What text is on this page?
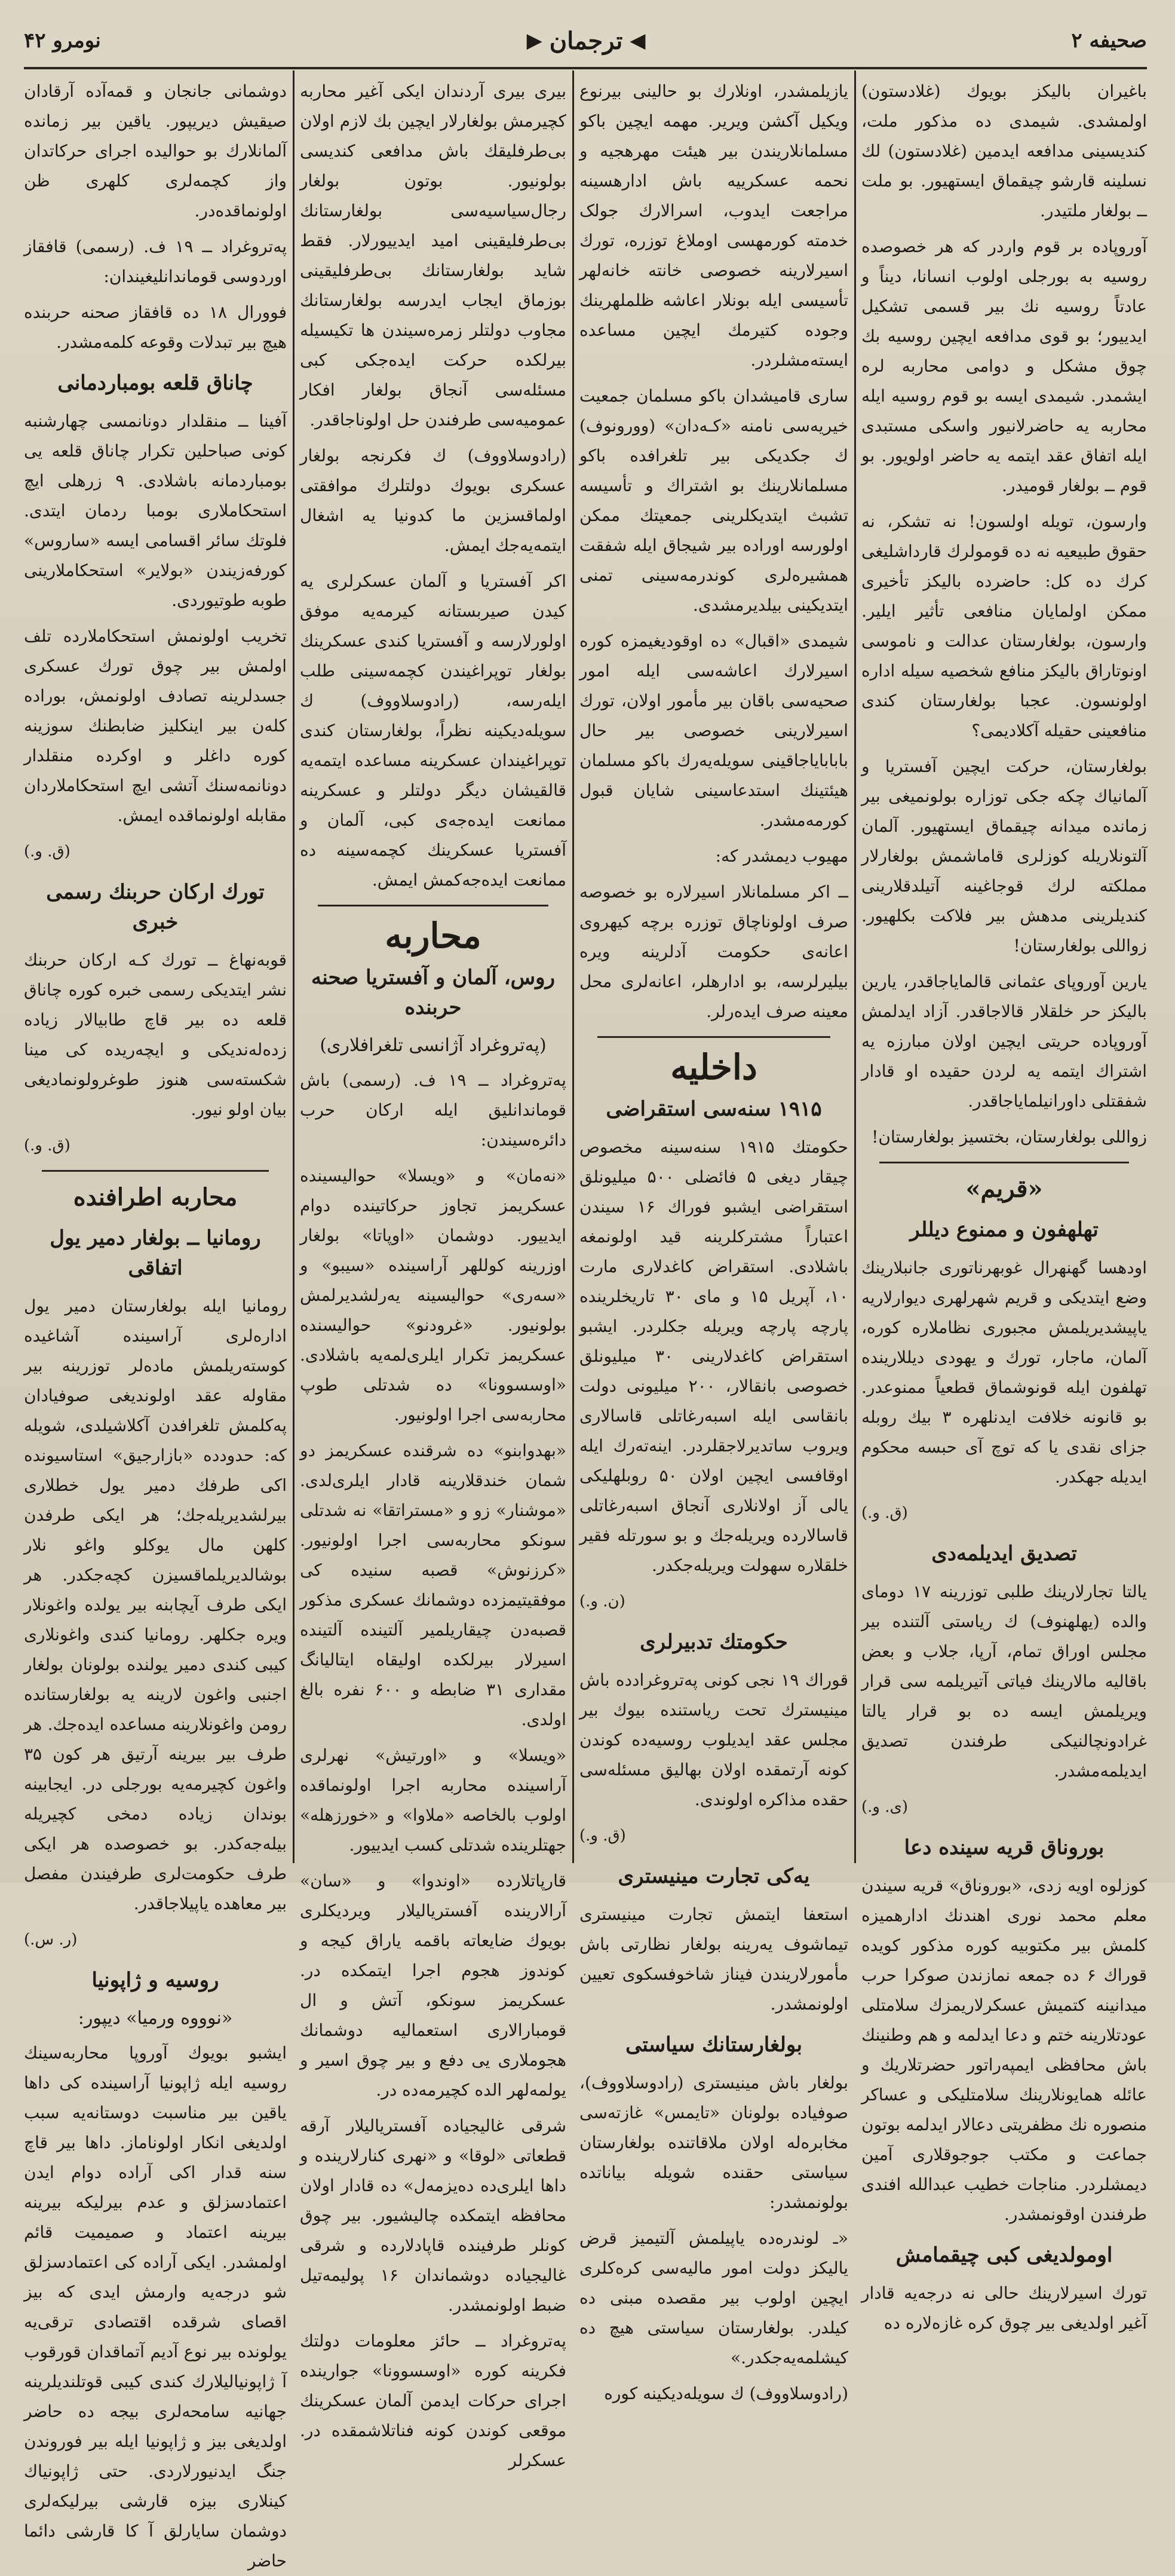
صحیفه ۲
◀
ترجمان
▶
نومرو ۴۲

باغیران بالیکز بویوك (غلادستون) اولمشدی. شیمدی ده مذکور ملت، کندیسینی مدافعه ایدمین (غلادستون) لك نسلینه قارشو چیقماق ایستهیور. بو ملت ــ بولغار ملتیدر.

آوروپاده بر قوم واردر که هر خصوصده روسیه به بورجلی اولوب انسانا، دیناً و عادتاً روسیه نك بیر قسمی تشکیل ایدییور؛ بو قوی مدافعه ایچین روسیه بك چوق مشکل و دوامی محاربه لره ایشمدر. شیمدی ایسه بو قوم روسیه ایله محاربه یه حاضرلانیور واسکی مستبدی ایله اتفاق عقد ایتمه یه حاضر اولویور. بو قوم ــ بولغار قومیدر.

وارسون، تویله اولسون! نه تشکر، نه حقوق طبیعیه نه ده قومولرك قارداشلیغی كرك ده كل: حاضرده بالیکز تأخیری ممکن اولمایان منافعی تأثیر ایلیر. وارسون، بولغارستان عدالت و ناموسی اونوتاراق بالیکز منافع شخصیه سیله اداره اولونسون. عجبا بولغارستان کندی منافعینی حقیله آكلادیمی؟

بولغارستان، حرکت ایچین آفستریا و آلمانیاك چکه جکی توزاره بولونمیغی بیر زمانده میدانه چیقماق ایستهیور. آلمان آلتونلاریله کوزلری قاماشمش بولغارلار مملکته لرك قوجاغینه آتیلدقلارینی کندیلرینی مدهش بیر فلاکت بکلهیور. زواللی بولغارستان!

یارین آوروپای عثمانی قالمایاجاقدر، یارین بالیکز حر خلقلار قالاجاقدر. آزاد ایدلمش آوروپاده حریتی ایچین اولان مبارزه یه اشتراك ایتمه یه لردن حقیده او قادار شفقتلی داورانیلمایاجاقدر.

زواللی بولغارستان، بختسیز بولغارستان!

«قریم»
تهلهفون و ممنوع دیللر

اودهسا گهنهرال غوبهرناتوری جانبلارینك وضع ایتدیکی و قریم شهرلهری دیوارلاریه یاپیشدیریلمش مجبوری نظاملاره کوره، آلمان، ماجار، تورك و یهودی دیللارینده تهلفون ایله قونوشماق قطعیاً ممنوعدر. بو قانونه خلافت ایدنلهره ۳ بیك روبله جزای نقدی یا که توچ آی حبسه محکوم ایدیله جهکدر.

(ق. و.)
تصدیق ایدیلمه‌دی

یالتا تجارلارینك طلبی توزرینه ۱۷ دومای والده (یهلهنوف) ك ریاستی آلتنده بیر مجلس اوراق تمام، آرپا، جلاب و بعض باقالیه مالارینك فیاتی آتیریلمه سی قرار ویریلمش ایسه ده بو قرار یالتا غرادونچالنیکی طرفندن تصدیق ایدیلمه‌مشدر.

(ی. و.)
بوروناق قریه سینده دعا

کوزلوه اویه زدی، «بوروناق» قریه سیندن معلم محمد نوری اهندنك ادارهمیزه کلمش بیر مکتوبیه کوره مذکور کویده قوراك ۶ ده جمعه نمازندن صوکرا حرب میدانینه کتمیش عسکرلاریمزك سلامتلی عودتلارینه ختم و دعا ایدلمه و هم وطنینك باش محافظی ایمپه‌راتور حضرتلاریك و عائله همایونلارینك سلامتلیکی و عساکر منصوره نك مظفریتی دعالار ایدلمه بوتون جماعت و مکتب جوجوقلاری آمین دیمشلردر. مناجات خطیب عبدالله افندی طرفندن اوقونمشدر.

اومولدیغی کبی چیقمامش

تورك اسیرلارینك حالی نه درجه‌یه قادار آغیر اولدیغی بیر چوق کره غازه‌لاره ده

یازیلمشدر، اونلارك بو حالینی بیرنوع ویکیل آکشن ویریر. مهمه ایچین باکو مسلمانلاریندن بیر هیئت مهرهجیه و نحمه عسکرییه باش ادارهسینه مراجعت ایدوب، اسرالارك جولک خدمته کورمهسی اوملاغ توزره، تورك اسیرلارینه خصوصی خانته خانه‌لهر تأسیسی ایله بونلار اعاشه ظلملهرینك وجوده کتیرمك ایچین مساعده ایسته‌مشلردر.

ساری قامیشدان باکو مسلمان جمعیت خیریه‌سی نامنه «کـه‌دان» (وورونوف) ك جکدیکی بیر تلغرافده باکو مسلمانلارینك بو اشتراك و تأسیسه تشبث ایتدیکلرینی جمعیتك ممکن اولورسه اوراده بیر شیجاق ایله شفقت همشیره‌لری کوندرمه‌سینی تمنی ایتدیکینی بیلدیرمشدی.

شیمدی «اقبال» ده اوقودیغیمزه کوره اسیرلارك اعاشه‌سی ایله امور صحیه‌سی باقان بیر مأمور اولان، تورك اسیرلارینی خصوصی بیر حال بابابایاجاقینی سویله‌یه‌رك باکو مسلمان هیئتینك استدعاسینی شایان قبول کورمه‌مشدر.

مهیوب دیمشدر که:

ــ اکر مسلمانلار اسیرلاره بو خصوصه صرف اولوناچاق توزره برچه کیهروی اعانه‌ی حکومت آدلرینه ویره بیلیرلرسه، بو ادارهلر، اعانه‌لری محل معینه صرف ایده‌رلر.

داخلیه
۱۹۱۵ سنه‌سی استقراضی

حکومتك ۱۹۱۵ سنه‌سینه مخصوص چیقار دیغی ۵ فائضلی ۵۰۰ میلیونلق استقراضی ایشبو فوراك ۱۶ سیندن اعتباراً مشترکلرینه قید اولونمغه باشلادی. استقراض کاغدلاری مارت ۱۰، آپریل ۱۵ و مای ۳۰ تاریخلرینده پارچه پارچه ویریله جکلردر. ایشبو استقراض کاغدلارینی ۳۰ میلیونلق خصوصی بانقالار، ۲۰۰ میلیونی دولت بانقاسی ایله اسبه‌رغاتلی قاسالاری ویروب ساتدیرلاجقلردر. اینه‌ته‌رك ایله اوقافسی ایچین اولان ۵۰ روبلهلیکی یالی آز اولانلاری آنجاق اسبه‌رغاتلی قاسالارده ویریله‌جك و بو سورتله فقیر خلقلاره سهولت ویریله‌جکدر.

(ن. و.)
حکومتك تدبیرلری

قوراك ۱۹ نجی کونی په‌تروغرادده باش مینیسترك تحت ریاستنده بیوك بیر مجلس عقد ایدیلوب روسیه‌ده کوندن کونه آرتمقده اولان بهالیق مسئله‌سی حقده مذاکره اولوندی.

(ق. و.)
یه‌کی تجارت مینیستری

استعفا ایتمش تجارت مینیستری تیماشوف یه‌رینه بولغار نظارتی باش مأمورلاریندن فیناز شاخوفسکوی تعیین اولونمشدر.

بولغارستانك سیاستی

بولغار باش مینیستری (رادوسلاووف)، صوفیاده بولونان «تایمس» غازته‌سی مخابره‌له اولان ملاقاتنده بولغارستان سیاستی حقنده شویله بیاناتده بولونمشدر:

«ـ لوندره‌ده یاپیلمش آلتیمیز قرض یالیکز دولت امور مالیه‌سی کره‌کلری ایچین اولوب بیر مقصده مبنی ده کیلدر. بولغارستان سیاستی هیچ ده کیشلمه‌یه‌جکدر.»

(رادوسلاووف) ك سویله‌دیکینه کوره

بیری بیری آردندان ایکی آغیر محاربه کچیرمش بولغارلار ایچین بك لازم اولان بی‌طرفلیقك باش مدافعی کندیسی بولونیور. بوتون بولغار رجال‌سیاسیه‌سی بولغارستانك بی‌طرفلیقینی امید ایدییورلار. فقط شاید بولغارستانك بی‌طرفلیقینی بوزماق ایجاب ایدرسه بولغارستانك مجاوب دولتلر زمره‌سیندن ها تکیسیله بیرلکده حرکت ایده‌جکی کبی مسئله‌سی آنجاق بولغار افکار عمومیه‌سی طرفندن حل اولوناجاقدر.

(رادوسلاووف) ك فکرنجه بولغار عسکری بویوك دولتلرك موافقتی اولماقسزین ما کدونیا یه اشغال ایتمه‌یه‌جك ایمش.

اکر آفستریا و آلمان عسکرلری یه کیدن صیربستانه کیرمه‌یه موفق اولورلارسه و آفستریا کندی عسکرینك بولغار توپراغیندن کچمه‌سینی طلب ایله‌رسه، (رادوسلاووف) ك سویله‌دیکینه نظراً، بولغارستان کندی توپراغیندان عسکرینه مساعده ایتمه‌یه قالقیشان دیگر دولتلر و عسکرینه ممانعت ایده‌جه‌ی کبی، آلمان و آفستریا عسکرینك کچمه‌سینه ده ممانعت ایده‌جه‌کمش ایمش.

محاربه
روس، آلمان و آفستریا صحنه حربنده
(په‌تروغراد آژانسی تلغرافلاری)

په‌تروغراد ــ ۱۹ ف. (رسمی) باش قوماندانلیق ایله ارکان حرب دائره‌سیندن:

«نه‌مان» و «ویسلا» حوالیسینده عسکریمز تجاوز حرکاتینده دوام ایدییور. دوشمان «اوپاتا» بولغار اوزرینه کوللهر آراسینده «سیبو» و «سه‌ری» حوالیسینه یه‌رلشدیرلمش بولونیور. «غرودنو» حوالیسنده عسکریمز تکرار ایلری‌لمه‌یه باشلادی. «اوسسوونا» ده شدتلی طوپ محاربه‌سی اجرا اولونیور.

«بهدوابنو» ده شرقنده عسکریمز دو شمان خندقلارینه قادار ایلری‌لدی. «موشنار» زو و «مستراتقا» نه شدتلی سونکو محاربه‌سی اجرا اولونیور. «کرزنوش» قصبه سنیده کی موفقیتیمزده دوشمانك عسکری مذکور قصبه‌دن چیقاریلمیر آلتینده آلتینده اسیرلار بیرلکده اولیقاه ایتالیانگ مقداری ۳۱ ضابطه و ۶۰۰ نفره بالغ اولدی.

«ویسلا» و «اورتیش» نهرلری آراسینده محاربه اجرا اولونماقده اولوب بالخاصه «ملاوا» و «خورزهله» جهتلرینده شدتلی کسب ایدییور.

قارپاتلارده «اوندوا» و «سان» آرالارینده آفستریالیلار ویردیکلری بویوك ضایعاته باقمه یاراق کیجه و کوندوز هجوم اجرا ایتمکده در. عسکریمز سونکو، آتش و ال قومبارالاری استعمالیه دوشمانك هجوملاری یی دفع و بیر چوق اسیر و یولمه‌لهر الده کچیرمه‌ده در.

شرقی غالیجیاده آفستریالیلار آرقه قطعاتی «لوقا» و «نهری کنارلارینده و داها ایلری‌ده ده‌یزمه‌ل» ده قادار اولان محافظه ایتمکده چالیشیور. بیر چوق کونلر طرفینده قاپادلارده و شرقی غالیجیاده دوشماندان ۱۶ پولیمه‌تیل ضبط اولونمشدر.

په‌تروغراد ــ حائز معلومات دولتك فکرینه کوره «اوسسوونا» جوارینده اجرای حرکات ایدمن آلمان عسکرینك موقعی کوندن کونه فناتلاشمقده در. عسکرلر

دوشمانی جانجان و قمه‌آده آرقادان صیقیش دیریپور. یاقین بیر زمانده آلمانلارك بو حوالیده اجرای حرکاتدان واز کچمه‌لری کلهری ظن اولونماقده‌در.

په‌تروغراد ــ ۱۹ ف. (رسمی) قافقاز اوردوسی قوماندانلیغیندان:

فوورال ۱۸ ده قافقاز صحنه حربنده هیچ بیر تبدلات وقوعه کلمه‌مشدر.

چاناق قلعه بومباردمانی

آفینا ــ منقلدار دونانمسی چهارشنبه کونی صباحلین تکرار چاناق قلعه یی بومباردمانه باشلادی. ۹ زرهلی ایچ استحکاملاری بومبا ردمان ایتدی. فلوتك سائر اقسامی ایسه «ساروس» کورفه‌زیندن «بولایر» استحکاملارینی طوبه طوتیوردی.

تخریب اولونمش استحکاملارده تلف اولمش بیر چوق تورك عسکری جسدلرینه تصادف اولونمش، بوراده کله‌ن بیر اینکلیز ضابطنك سوزینه کوره داغلر و اوکرده منقلدار دونانمه‌سنك آتشی ایچ استحکاملاردان مقابله اولونماقده ایمش.

(ق. و.)
تورك ارکان حربنك رسمی خبری

قوبه‌نهاغ ــ تورك کـه ارکان حربنك نشر ایتدیکی رسمی خبره کوره چاناق قلعه ده بیر قاچ طابیالار زیاده زده‌له‌ندیکی و ایچه‌ریده کی مینا شکسته‌سی هنوز طوغرو‌لونمادیغی بیان اولو نیور.

(ق. و.)
محاربه اطرافنده
رومانیا ــ بولغار دمیر یول اتفاقی

رومانیا ایله بولغارستان دمیر یول اداره‌لری آراسینده آشاغیده کوسته‌ریلمش ماده‌لر توزرینه بیر مقاوله عقد اولوندیغی صوفیادان په‌کلمش تلغرافدن آکلاشیلدی، شویله که: حدودده «بازارجیق» استاسیونده اکی طرفك دمیر یول خطلاری بیرلشدیریله‌جك؛ هر ایکی طرفدن کلهن مال یوکلو واغو نلار بوشالدیریلماقسیزن کچه‌جکدر. هر ایکی طرف آیچابنه بیر یولده واغونلار ویره جکلهر. رومانیا کندی واغونلاری کیبی کندی دمیر یولنده بولونان بولغار اجنبی واغون لارینه یه بولغارستانده رومن واغونلارینه مساعده ایده‌جك. هر طرف بیر بیرینه آرتیق هر کون ۳۵ واغون کچیرمه‌یه بورجلی در. ایجابینه بوندان زیاده دمخی کچیریله بیله‌جه‌کدر. بو خصوصده هر ایکی طرف حکومت‌لری طرفیندن مفصل بیر معاهده یاپیلاجاقدر.

(ر. س.)
روسیه و ژاپونیا
«نوووه ورمیا» دیپور:

ایشبو بویوك آوروپا محاربه‌سینك روسیه ایله ژاپونیا آراسینده کی داها یاقین بیر مناسبت دوستانه‌یه سبب اولدیغی انکار اولوناماز. داها بیر قاچ سنه قدار اکی آراده دوام ایدن اعتمادسزلق و عدم بیرلیکه بیرینه بیرینه اعتماد و صمیمیت قائم اولمشدر. ایکی آراده کی اعتمادسزلق شو درجه‌یه وارمش ایدی که بیز اقصای شرقده اقتصادی ترقی‌یه یولونده بیر نوع آدیم آتماقدان قورقوب آ ژاپونیالیلارك کندی کیبی قوتلندیلرینه جهانیه سامحه‌لری بیجه ده حاضر اولدیغی بیز و ژاپونیا ایله بیر فوروندن جنگ ایدنیورلاردی. حتی ژاپونیاك کینلاری بیزه قارشی بیرلیکه‌لری دوشمان سایارلق آ کا قارشی دائما حاضر
